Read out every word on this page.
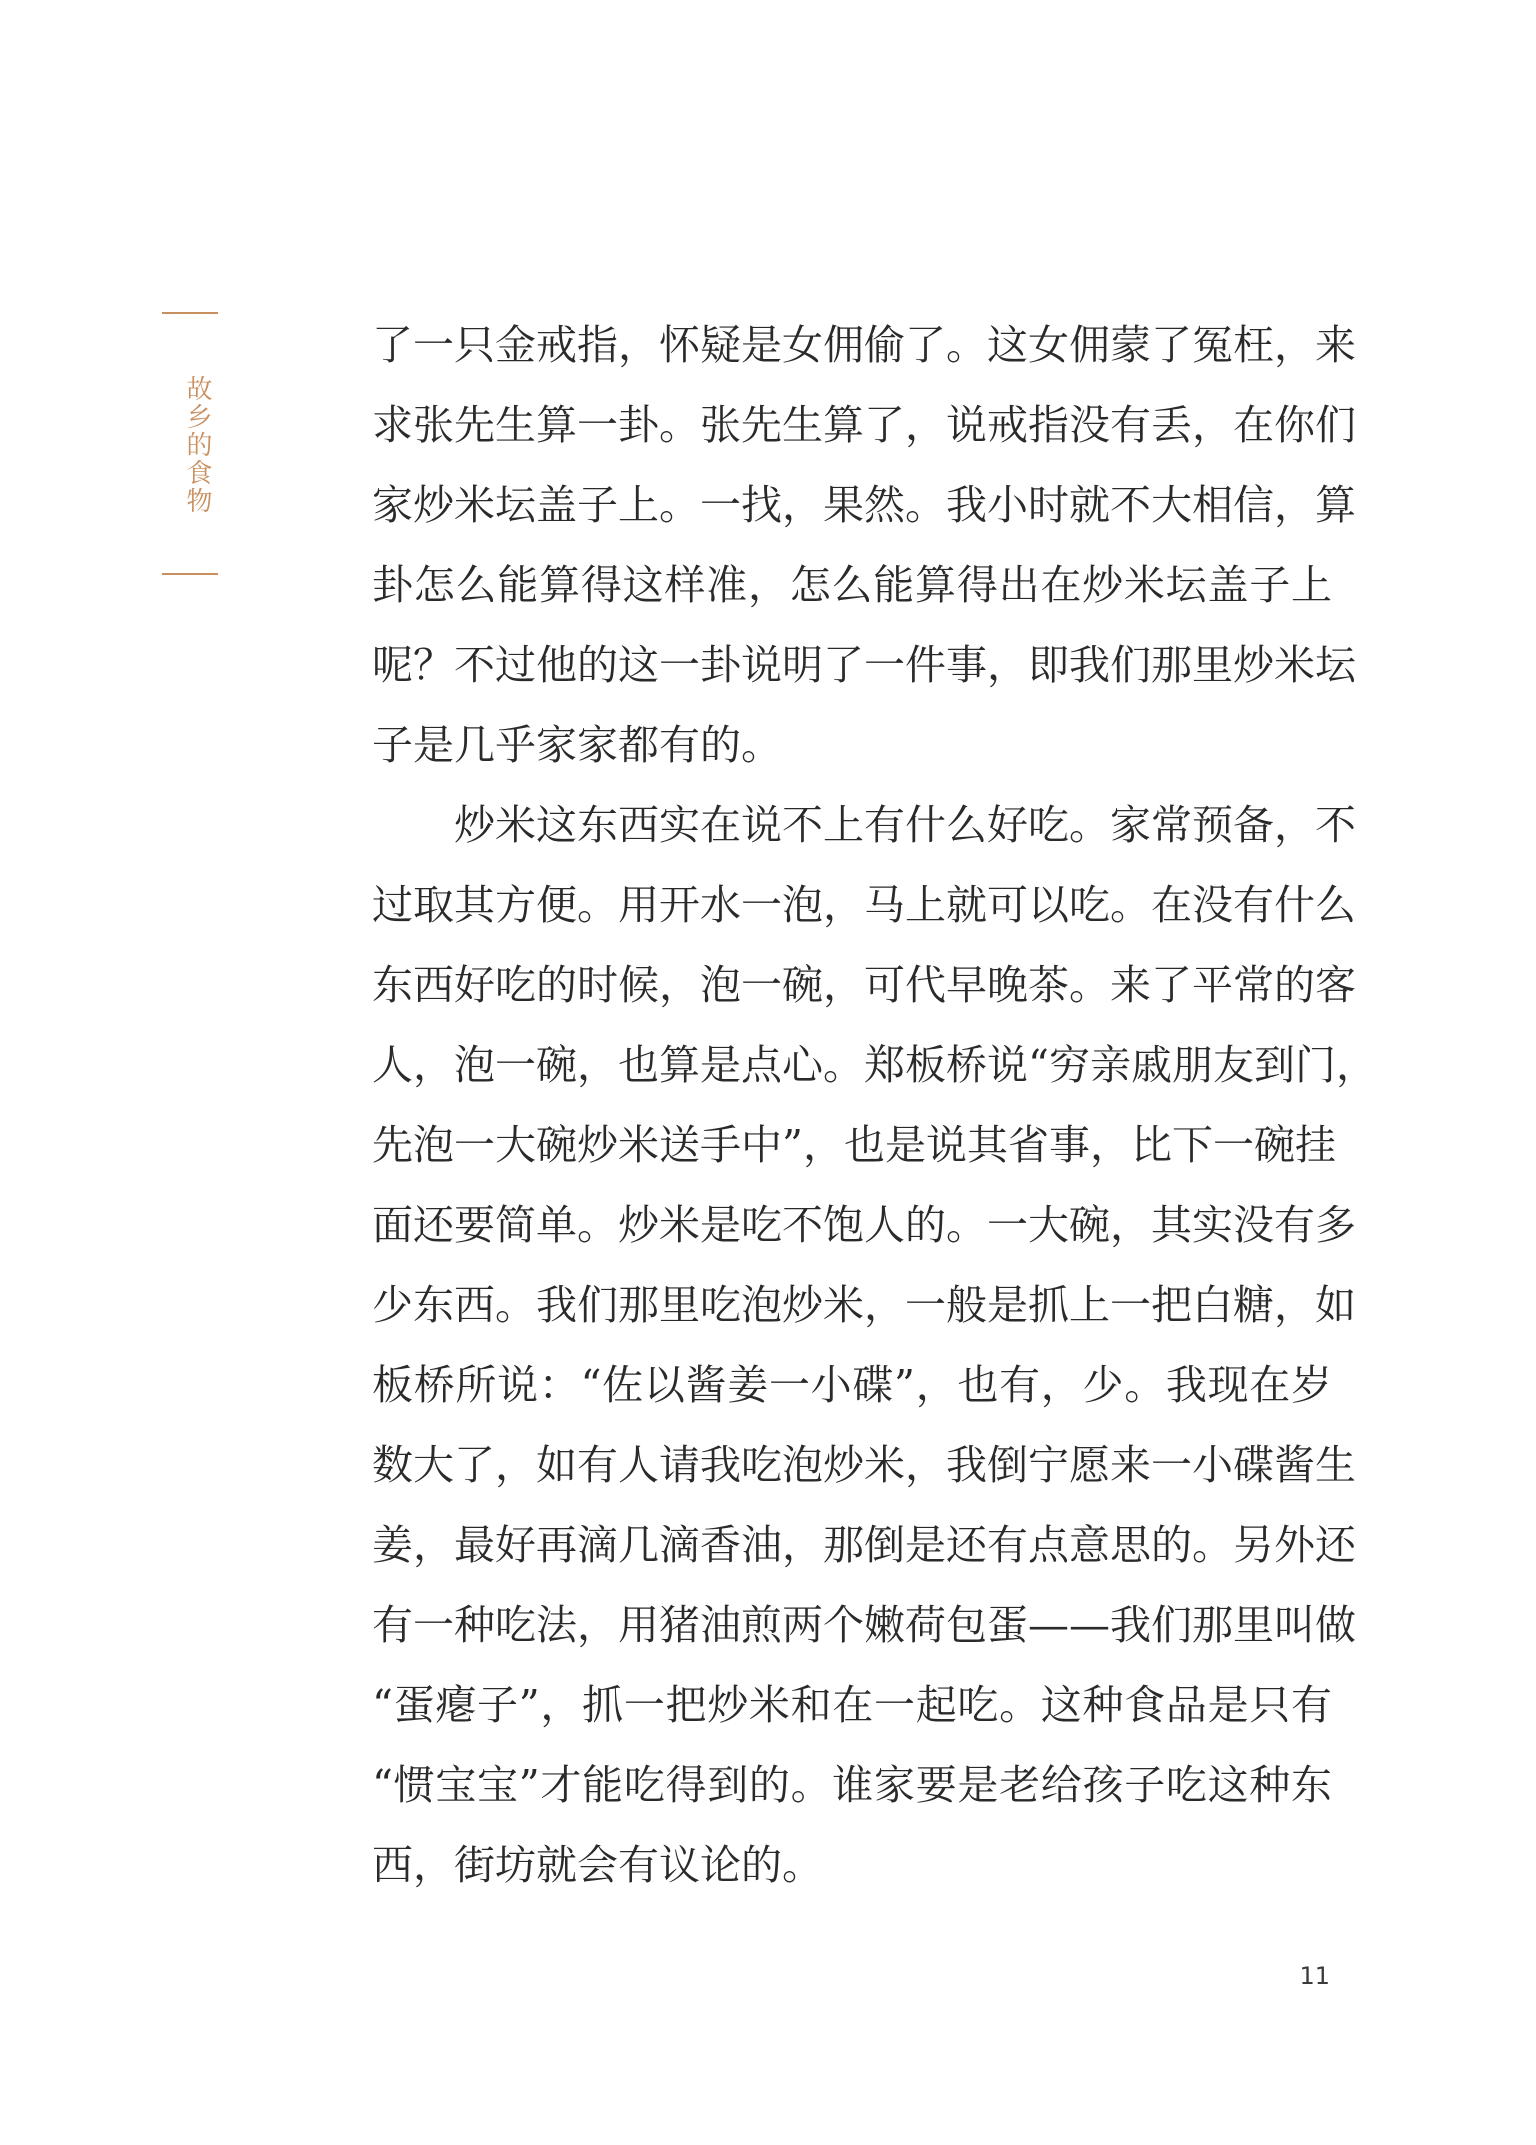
故乡的食物
了一只金戒指，怀疑是女佣偷了。这女佣蒙了冤枉，来
求张先生算一卦。张先生算了，说戒指没有丢，在你们
家炒米坛盖子上。一找，果然。我小时就不大相信，算
卦怎么能算得这样准，怎么能算得出在炒米坛盖子上
呢？不过他的这一卦说明了一件事，即我们那里炒米坛
子是几乎家家都有的。
炒米这东西实在说不上有什么好吃。家常预备，不
过取其方便。用开水一泡，马上就可以吃。在没有什么
东西好吃的时候，泡一碗，可代早晚茶。来了平常的客
人，泡一碗，也算是点心。郑板桥说“穷亲戚朋友到门，
先泡一大碗炒米送手中”，也是说其省事，比下一碗挂
面还要简单。炒米是吃不饱人的。一大碗，其实没有多
少东西。我们那里吃泡炒米，一般是抓上一把白糖，如
板桥所说：“佐以酱姜一小碟”，也有，少。我现在岁
数大了，如有人请我吃泡炒米，我倒宁愿来一小碟酱生
姜，最好再滴几滴香油，那倒是还有点意思的。另外还
有一种吃法，用猪油煎两个嫩荷包蛋——我们那里叫做
“蛋瘪子”，抓一把炒米和在一起吃。这种食品是只有
“惯宝宝”才能吃得到的。谁家要是老给孩子吃这种东
西，街坊就会有议论的。
11
